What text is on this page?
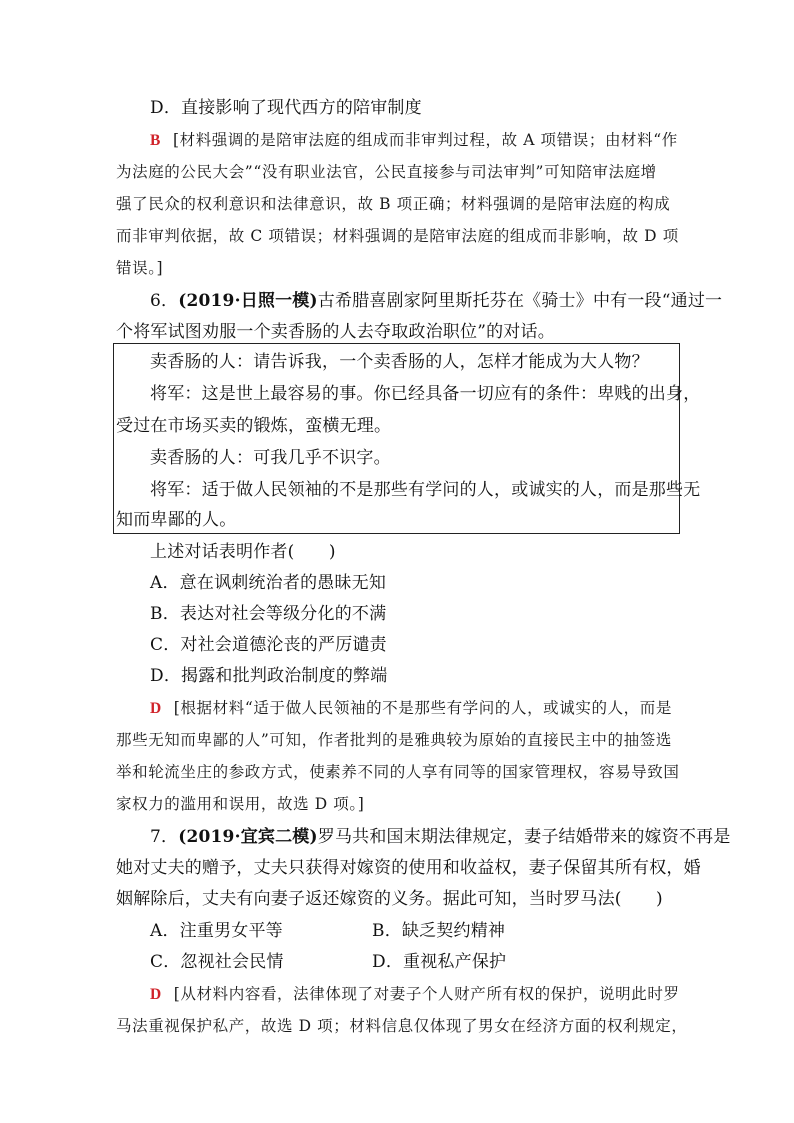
D．直接影响了现代西方的陪审制度
B [材料强调的是陪审法庭的组成而非审判过程，故 A 项错误；由材料“作
为法庭的公民大会”“没有职业法官，公民直接参与司法审判”可知陪审法庭增
强了民众的权利意识和法律意识，故 B 项正确；材料强调的是陪审法庭的构成
而非审判依据，故 C 项错误；材料强调的是陪审法庭的组成而非影响，故 D 项
错误。]
6．(2019·日照一模)古希腊喜剧家阿里斯托芬在《骑士》中有一段“通过一
个将军试图劝服一个卖香肠的人去夺取政治职位”的对话。
卖香肠的人：请告诉我，一个卖香肠的人，怎样才能成为大人物？
将军：这是世上最容易的事。你已经具备一切应有的条件：卑贱的出身，
受过在市场买卖的锻炼，蛮横无理。
卖香肠的人：可我几乎不识字。
将军：适于做人民领袖的不是那些有学问的人，或诚实的人，而是那些无
知而卑鄙的人。
上述对话表明作者(　　)
A．意在讽刺统治者的愚昧无知
B．表达对社会等级分化的不满
C．对社会道德沦丧的严厉谴责
D．揭露和批判政治制度的弊端
D [根据材料“适于做人民领袖的不是那些有学问的人，或诚实的人，而是
那些无知而卑鄙的人”可知，作者批判的是雅典较为原始的直接民主中的抽签选
举和轮流坐庄的参政方式，使素养不同的人享有同等的国家管理权，容易导致国
家权力的滥用和误用，故选 D 项。]
7．(2019·宜宾二模)罗马共和国末期法律规定，妻子结婚带来的嫁资不再是
她对丈夫的赠予，丈夫只获得对嫁资的使用和收益权，妻子保留其所有权，婚
姻解除后，丈夫有向妻子返还嫁资的义务。据此可知，当时罗马法(　　)
A．注重男女平等	B．缺乏契约精神
C．忽视社会民情	D．重视私产保护
D [从材料内容看，法律体现了对妻子个人财产所有权的保护，说明此时罗
马法重视保护私产，故选 D 项；材料信息仅体现了男女在经济方面的权利规定，
